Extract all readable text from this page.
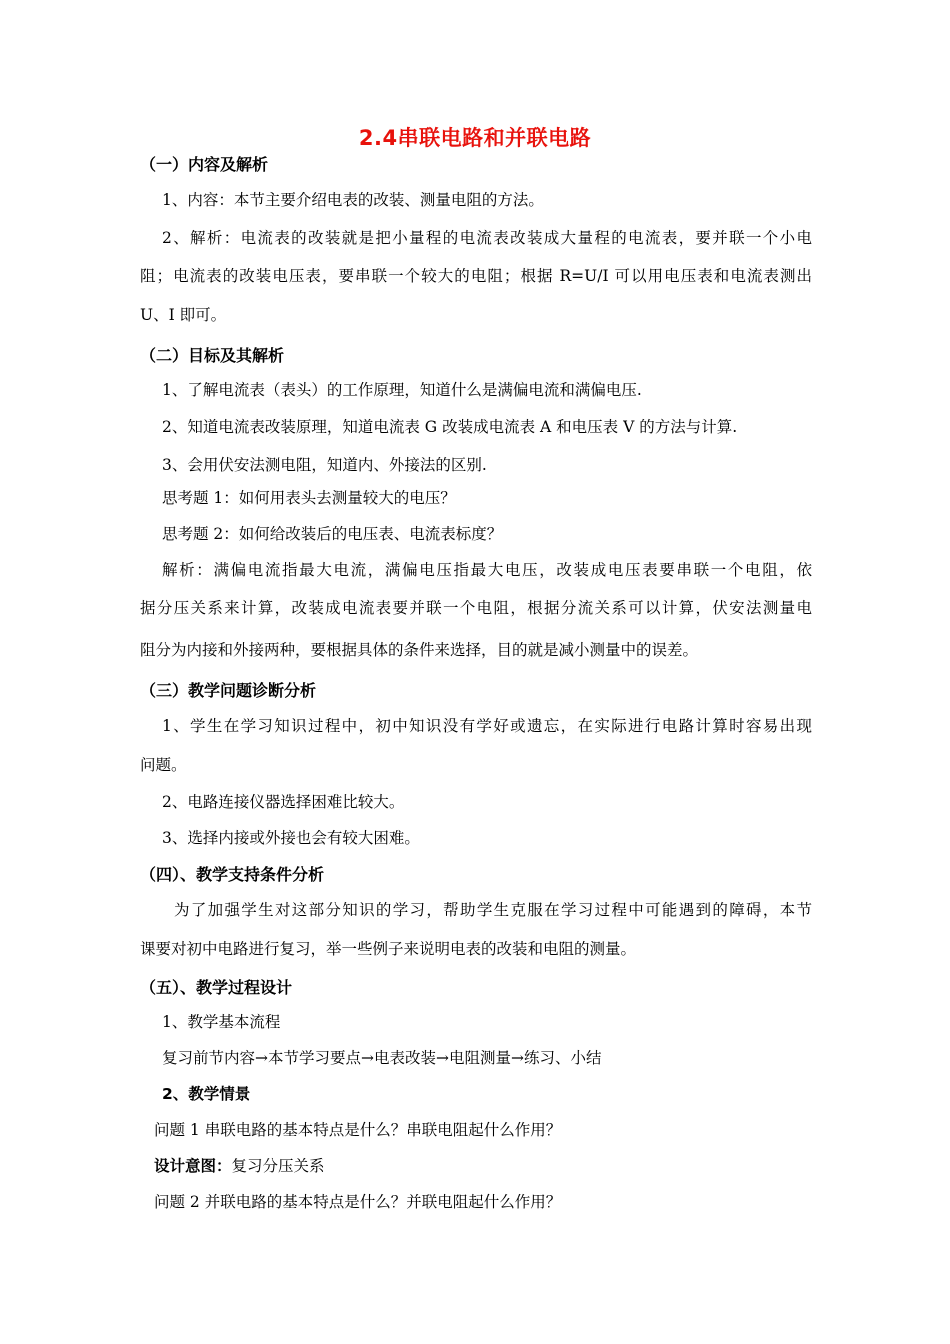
2.4串联电路和并联电路
（一）内容及解析
1、内容：本节主要介绍电表的改装、测量电阻的方法。
2、解析：电流表的改装就是把小量程的电流表改装成大量程的电流表，要并联一个小电
阻；电流表的改装电压表，要串联一个较大的电阻；根据 R=U/I 可以用电压表和电流表测出
U、I 即可。
（二）目标及其解析
1、了解电流表（表头）的工作原理，知道什么是满偏电流和满偏电压.
2、知道电流表改装原理，知道电流表 G 改装成电流表 A 和电压表 V 的方法与计算.
3、会用伏安法测电阻，知道内、外接法的区别.
思考题 1：如何用表头去测量较大的电压？
思考题 2：如何给改装后的电压表、电流表标度？
解析：满偏电流指最大电流，满偏电压指最大电压，改装成电压表要串联一个电阻，依
据分压关系来计算，改装成电流表要并联一个电阻，根据分流关系可以计算，伏安法测量电
阻分为内接和外接两种，要根据具体的条件来选择，目的就是减小测量中的误差。
（三）教学问题诊断分析
1、学生在学习知识过程中，初中知识没有学好或遗忘，在实际进行电路计算时容易出现
问题。
2、电路连接仪器选择困难比较大。
3、选择内接或外接也会有较大困难。
（四）、教学支持条件分析
为了加强学生对这部分知识的学习，帮助学生克服在学习过程中可能遇到的障碍，本节
课要对初中电路进行复习，举一些例子来说明电表的改装和电阻的测量。
（五）、教学过程设计
1、教学基本流程
复习前节内容→本节学习要点→电表改装→电阻测量→练习、小结
2、教学情景
问题 1 串联电路的基本特点是什么？串联电阻起什么作用？
设计意图：复习分压关系
问题 2 并联电路的基本特点是什么？并联电阻起什么作用？
